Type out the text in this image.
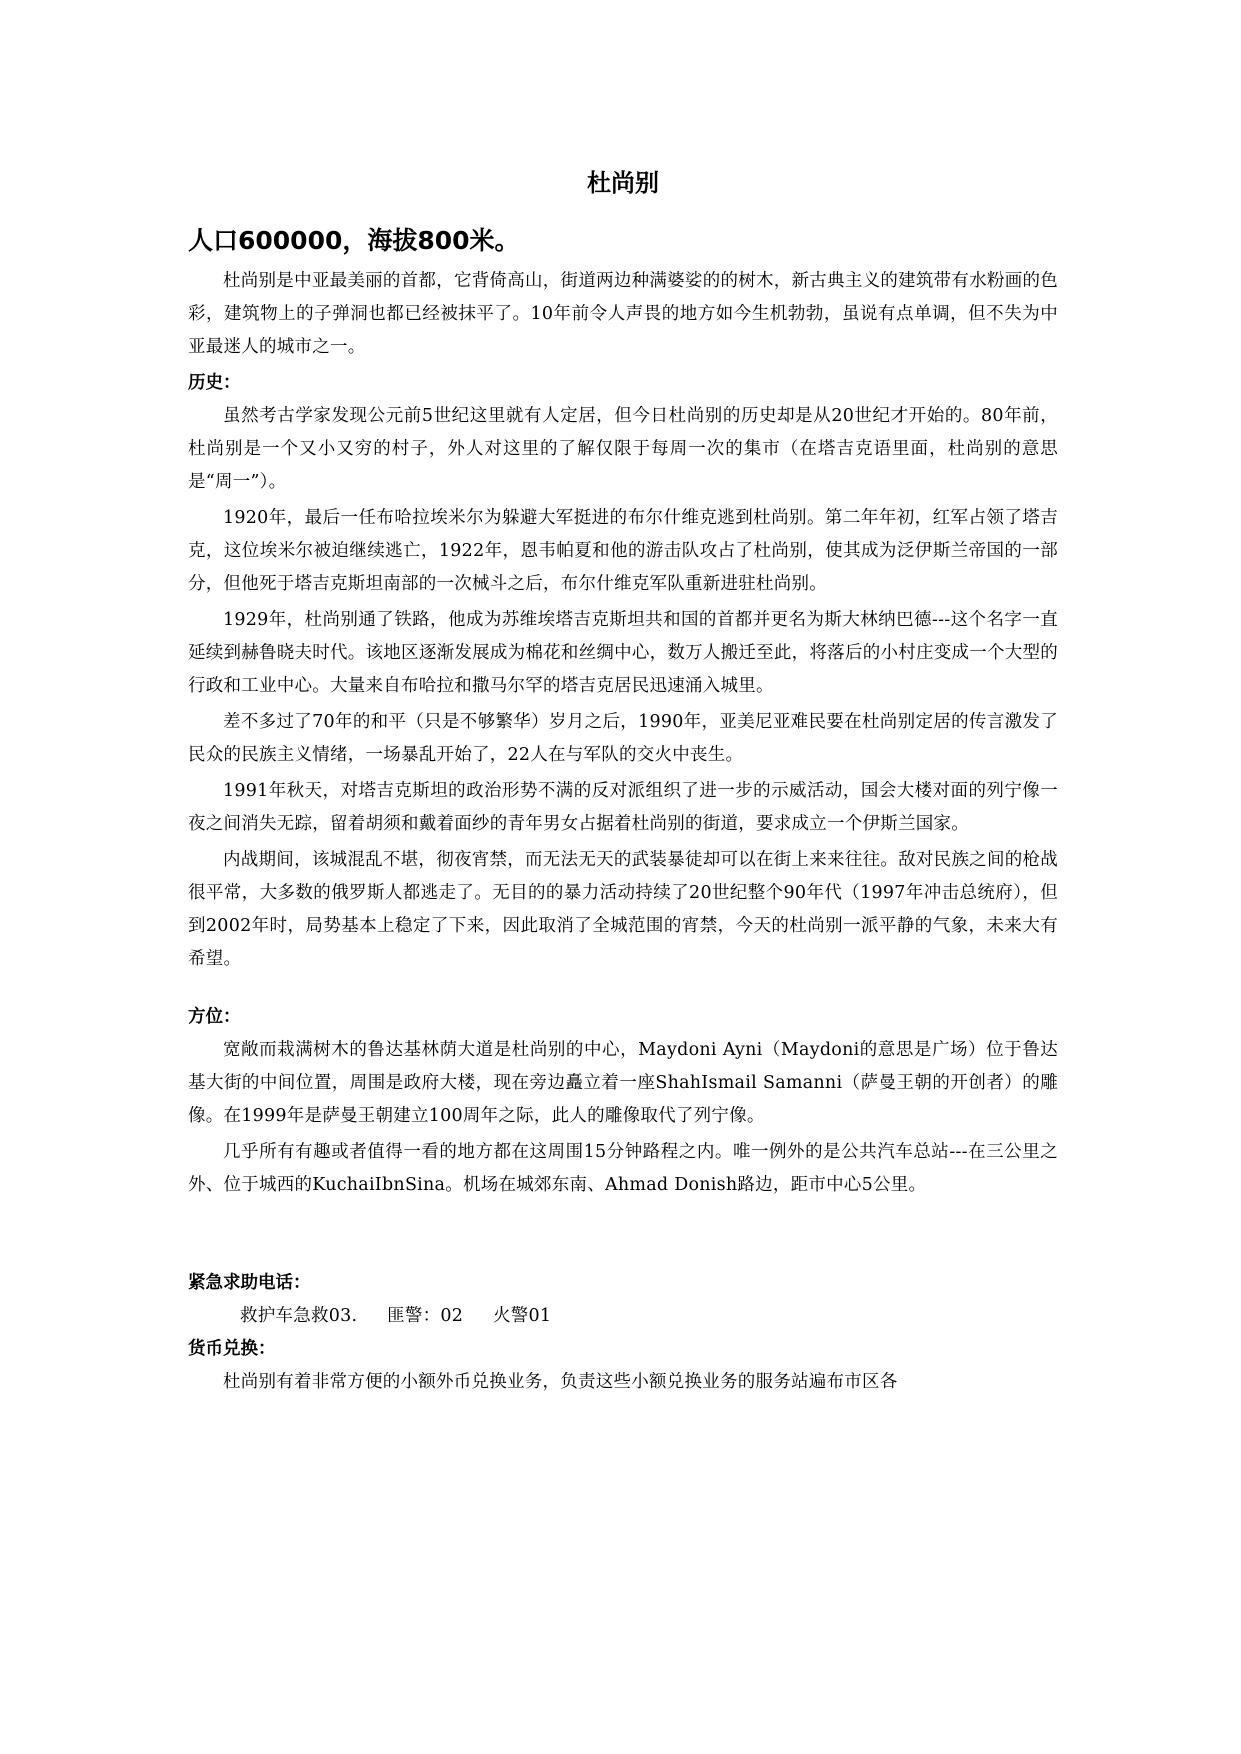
杜尚别
人口600000，海拔800米。

杜尚别是中亚最美丽的首都，它背倚高山，街道两边种满婆娑的的树木，新古典主义的建筑带有水粉画的色彩，建筑物上的子弹洞也都已经被抹平了。10年前令人声畏的地方如今生机勃勃，虽说有点单调，但不失为中亚最迷人的城市之一。

历史：

虽然考古学家发现公元前5世纪这里就有人定居，但今日杜尚别的历史却是从20世纪才开始的。80年前，杜尚别是一个又小又穷的村子，外人对这里的了解仅限于每周一次的集市（在塔吉克语里面，杜尚别的意思是“周一”）。

1920年，最后一任布哈拉埃米尔为躲避大军挺进的布尔什维克逃到杜尚别。第二年年初，红军占领了塔吉克，这位埃米尔被迫继续逃亡，1922年，恩韦帕夏和他的游击队攻占了杜尚别，使其成为泛伊斯兰帝国的一部分，但他死于塔吉克斯坦南部的一次械斗之后，布尔什维克军队重新进驻杜尚别。

1929年，杜尚别通了铁路，他成为苏维埃塔吉克斯坦共和国的首都并更名为斯大林纳巴德---这个名字一直延续到赫鲁晓夫时代。该地区逐渐发展成为棉花和丝绸中心，数万人搬迁至此，将落后的小村庄变成一个大型的行政和工业中心。大量来自布哈拉和撒马尔罕的塔吉克居民迅速涌入城里。

差不多过了70年的和平（只是不够繁华）岁月之后，1990年，亚美尼亚难民要在杜尚别定居的传言激发了民众的民族主义情绪，一场暴乱开始了，22人在与军队的交火中丧生。

1991年秋天，对塔吉克斯坦的政治形势不满的反对派组织了进一步的示威活动，国会大楼对面的列宁像一夜之间消失无踪，留着胡须和戴着面纱的青年男女占据着杜尚别的街道，要求成立一个伊斯兰国家。

内战期间，该城混乱不堪，彻夜宵禁，而无法无天的武装暴徒却可以在街上来来往往。敌对民族之间的枪战很平常，大多数的俄罗斯人都逃走了。无目的的暴力活动持续了20世纪整个90年代（1997年冲击总统府），但到2002年时，局势基本上稳定了下来，因此取消了全城范围的宵禁，今天的杜尚别一派平静的气象，未来大有希望。

方位：

宽敞而栽满树木的鲁达基林荫大道是杜尚别的中心，Maydoni Ayni（Maydoni的意思是广场）位于鲁达基大街的中间位置，周围是政府大楼，现在旁边矗立着一座ShahIsmail Samanni（萨曼王朝的开创者）的雕像。在1999年是萨曼王朝建立100周年之际，此人的雕像取代了列宁像。

几乎所有有趣或者值得一看的地方都在这周围15分钟路程之内。唯一例外的是公共汽车总站---在三公里之外、位于城西的KuchaiIbnSina。机场在城郊东南、Ahmad Donish路边，距市中心5公里。

紧急求助电话：
救护车急救03. 匪警：02 火警01
货币兑换：

杜尚别有着非常方便的小额外币兑换业务，负责这些小额兑换业务的服务站遍布市区各
